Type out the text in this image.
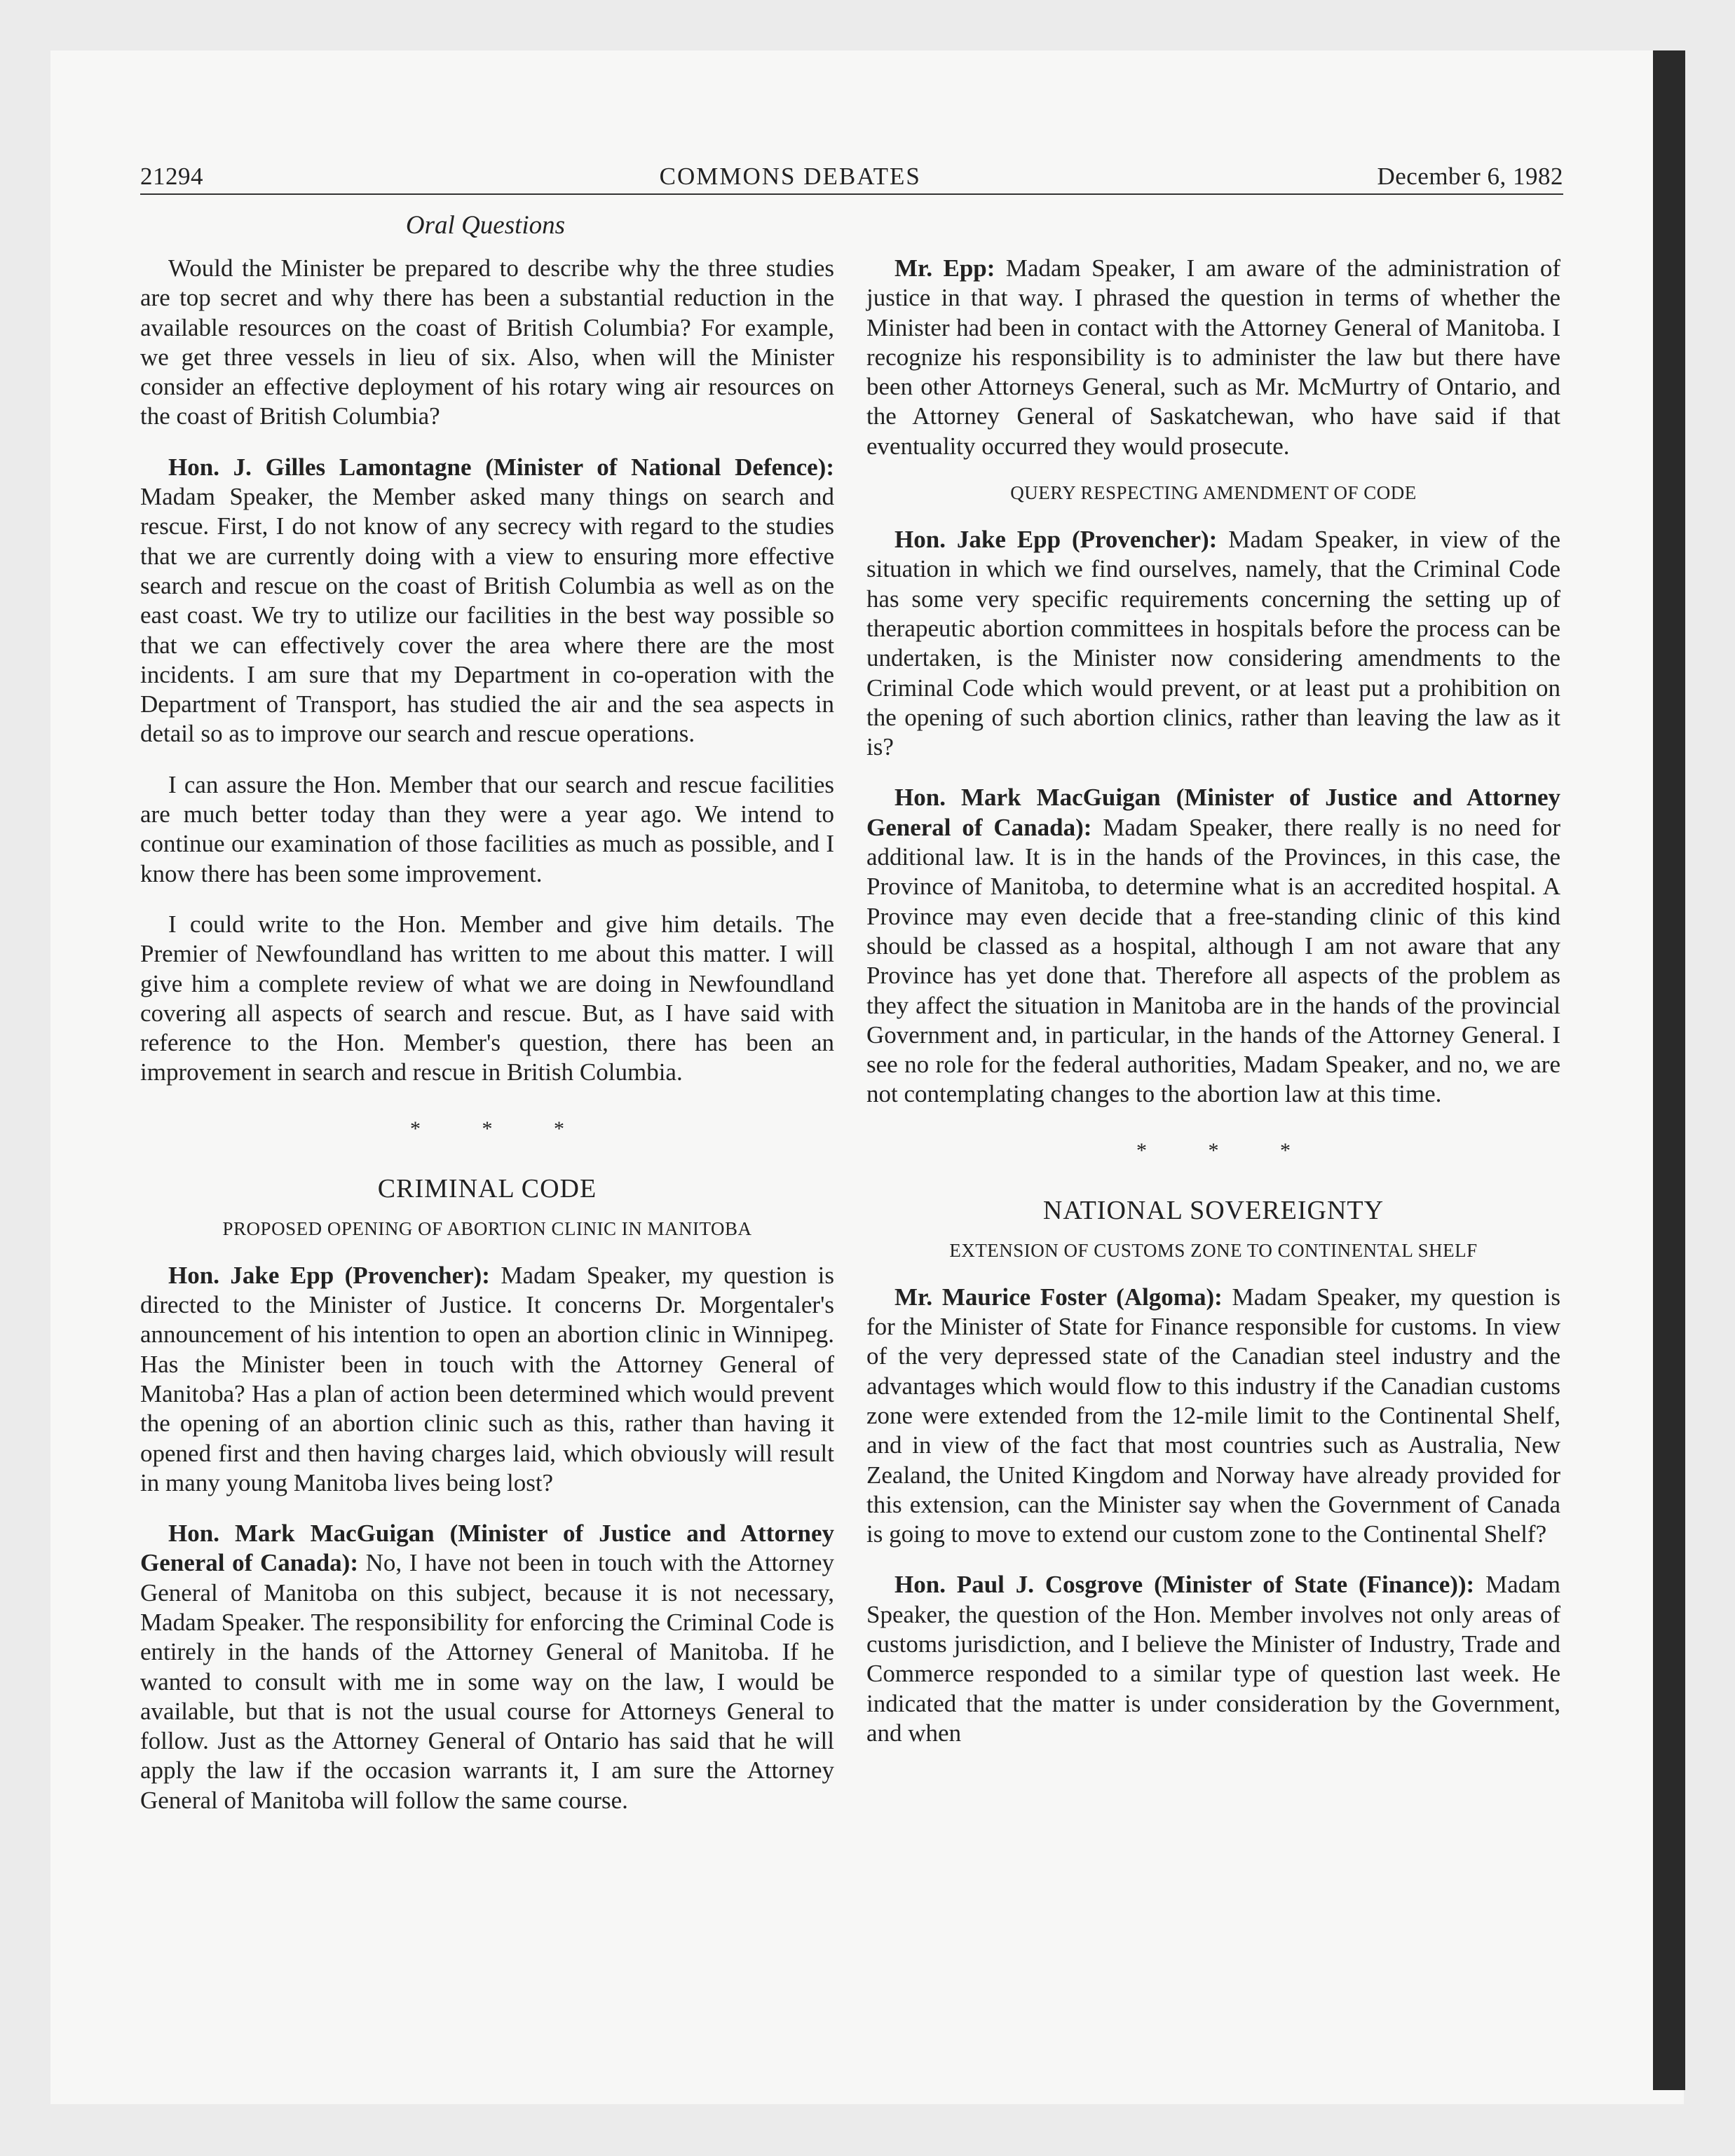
21294	COMMONS DEBATES	December 6, 1982
Oral Questions

Would the Minister be prepared to describe why the three studies are top secret and why there has been a substantial reduction in the available resources on the coast of British Columbia? For example, we get three vessels in lieu of six. Also, when will the Minister consider an effective deployment of his rotary wing air resources on the coast of British Columbia?

Hon. J. Gilles Lamontagne (Minister of National Defence): Madam Speaker, the Member asked many things on search and rescue. First, I do not know of any secrecy with regard to the studies that we are currently doing with a view to ensuring more effective search and rescue on the coast of British Columbia as well as on the east coast. We try to utilize our facilities in the best way possible so that we can effectively cover the area where there are the most incidents. I am sure that my Department in co-operation with the Department of Transport, has studied the air and the sea aspects in detail so as to improve our search and rescue operations.

I can assure the Hon. Member that our search and rescue facilities are much better today than they were a year ago. We intend to continue our examination of those facilities as much as possible, and I know there has been some improvement.

I could write to the Hon. Member and give him details. The Premier of Newfoundland has written to me about this matter. I will give him a complete review of what we are doing in Newfoundland covering all aspects of search and rescue. But, as I have said with reference to the Hon. Member's question, there has been an improvement in search and rescue in British Columbia.

* * *
CRIMINAL CODE
PROPOSED OPENING OF ABORTION CLINIC IN MANITOBA

Hon. Jake Epp (Provencher): Madam Speaker, my question is directed to the Minister of Justice. It concerns Dr. Morgentaler's announcement of his intention to open an abortion clinic in Winnipeg. Has the Minister been in touch with the Attorney General of Manitoba? Has a plan of action been determined which would prevent the opening of an abortion clinic such as this, rather than having it opened first and then having charges laid, which obviously will result in many young Manitoba lives being lost?

Hon. Mark MacGuigan (Minister of Justice and Attorney General of Canada): No, I have not been in touch with the Attorney General of Manitoba on this subject, because it is not necessary, Madam Speaker. The responsibility for enforcing the Criminal Code is entirely in the hands of the Attorney General of Manitoba. If he wanted to consult with me in some way on the law, I would be available, but that is not the usual course for Attorneys General to follow. Just as the Attorney General of Ontario has said that he will apply the law if the occasion warrants it, I am sure the Attorney General of Manitoba will follow the same course.

Mr. Epp: Madam Speaker, I am aware of the administration of justice in that way. I phrased the question in terms of whether the Minister had been in contact with the Attorney General of Manitoba. I recognize his responsibility is to administer the law but there have been other Attorneys General, such as Mr. McMurtry of Ontario, and the Attorney General of Saskatchewan, who have said if that eventuality occurred they would prosecute.

QUERY RESPECTING AMENDMENT OF CODE

Hon. Jake Epp (Provencher): Madam Speaker, in view of the situation in which we find ourselves, namely, that the Criminal Code has some very specific requirements concerning the setting up of therapeutic abortion committees in hospitals before the process can be undertaken, is the Minister now considering amendments to the Criminal Code which would prevent, or at least put a prohibition on the opening of such abortion clinics, rather than leaving the law as it is?

Hon. Mark MacGuigan (Minister of Justice and Attorney General of Canada): Madam Speaker, there really is no need for additional law. It is in the hands of the Provinces, in this case, the Province of Manitoba, to determine what is an accredited hospital. A Province may even decide that a free-standing clinic of this kind should be classed as a hospital, although I am not aware that any Province has yet done that. Therefore all aspects of the problem as they affect the situation in Manitoba are in the hands of the provincial Government and, in particular, in the hands of the Attorney General. I see no role for the federal authorities, Madam Speaker, and no, we are not contemplating changes to the abortion law at this time.

* * *
NATIONAL SOVEREIGNTY
EXTENSION OF CUSTOMS ZONE TO CONTINENTAL SHELF

Mr. Maurice Foster (Algoma): Madam Speaker, my question is for the Minister of State for Finance responsible for customs. In view of the very depressed state of the Canadian steel industry and the advantages which would flow to this industry if the Canadian customs zone were extended from the 12-mile limit to the Continental Shelf, and in view of the fact that most countries such as Australia, New Zealand, the United Kingdom and Norway have already provided for this extension, can the Minister say when the Government of Canada is going to move to extend our custom zone to the Continental Shelf?

Hon. Paul J. Cosgrove (Minister of State (Finance)): Madam Speaker, the question of the Hon. Member involves not only areas of customs jurisdiction, and I believe the Minister of Industry, Trade and Commerce responded to a similar type of question last week. He indicated that the matter is under consideration by the Government, and when
